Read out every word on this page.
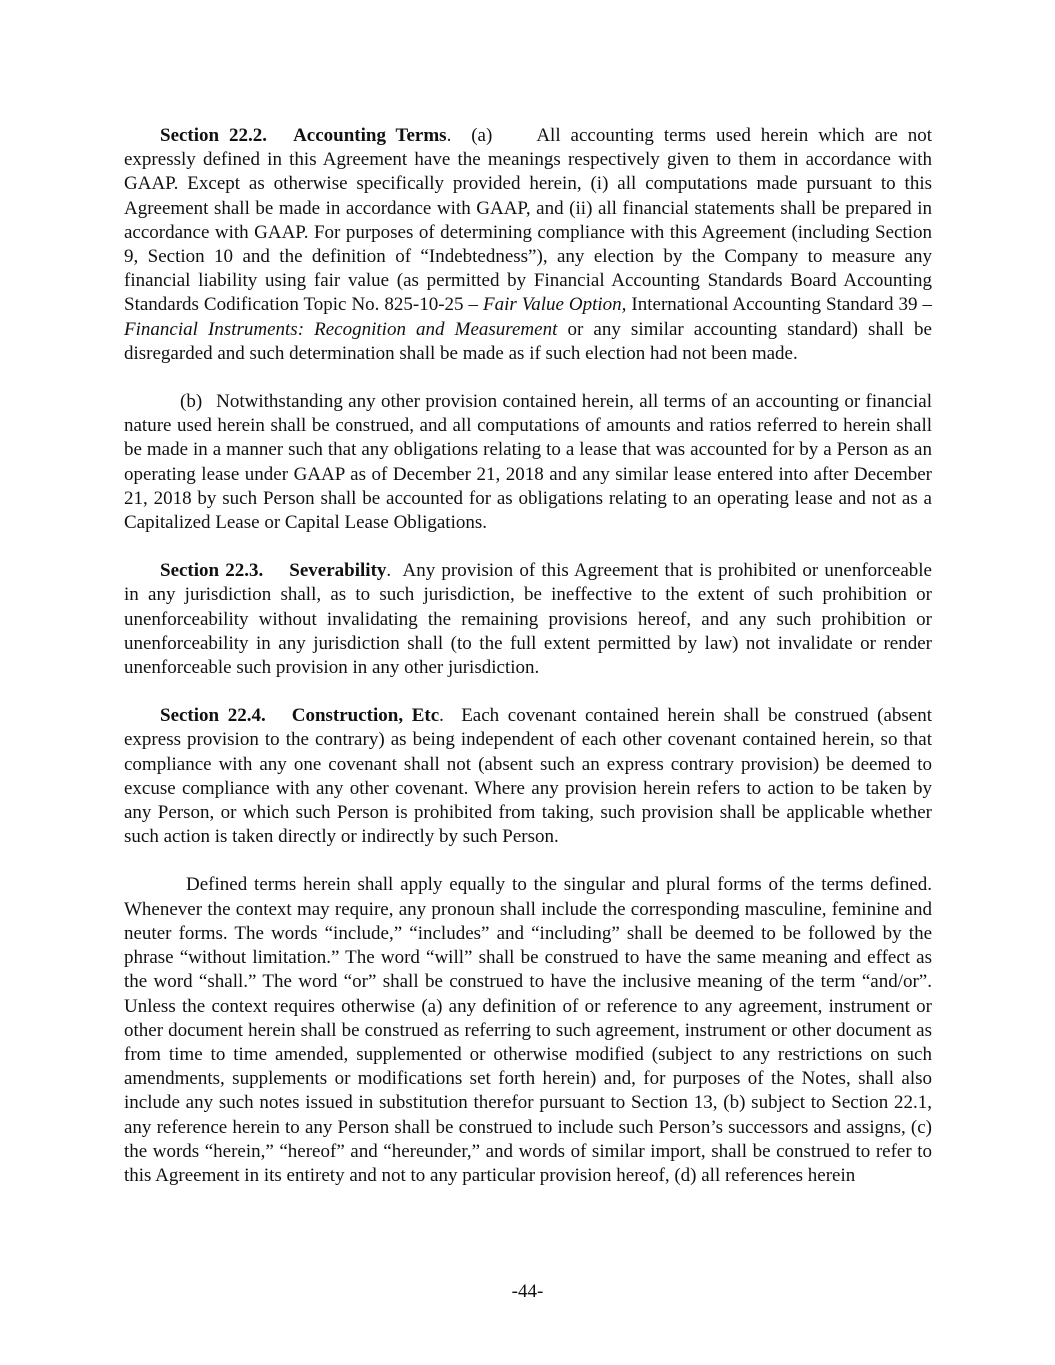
Section 22.2. Accounting Terms. (a) All accounting terms used herein which are not expressly defined in this Agreement have the meanings respectively given to them in accordance with GAAP. Except as otherwise specifically provided herein, (i) all computations made pursuant to this Agreement shall be made in accordance with GAAP, and (ii) all financial statements shall be prepared in accordance with GAAP. For purposes of determining compliance with this Agreement (including Section 9, Section 10 and the definition of “Indebtedness”), any election by the Company to measure any financial liability using fair value (as permitted by Financial Accounting Standards Board Accounting Standards Codification Topic No. 825-10-25 – Fair Value Option, International Accounting Standard 39 – Financial Instruments: Recognition and Measurement or any similar accounting standard) shall be disregarded and such determination shall be made as if such election had not been made.

(b) Notwithstanding any other provision contained herein, all terms of an accounting or financial nature used herein shall be construed, and all computations of amounts and ratios referred to herein shall be made in a manner such that any obligations relating to a lease that was accounted for by a Person as an operating lease under GAAP as of December 21, 2018 and any similar lease entered into after December 21, 2018 by such Person shall be accounted for as obligations relating to an operating lease and not as a Capitalized Lease or Capital Lease Obligations.

Section 22.3. Severability. Any provision of this Agreement that is prohibited or unenforceable in any jurisdiction shall, as to such jurisdiction, be ineffective to the extent of such prohibition or unenforceability without invalidating the remaining provisions hereof, and any such prohibition or unenforceability in any jurisdiction shall (to the full extent permitted by law) not invalidate or render unenforceable such provision in any other jurisdiction.

Section 22.4. Construction, Etc. Each covenant contained herein shall be construed (absent express provision to the contrary) as being independent of each other covenant contained herein, so that compliance with any one covenant shall not (absent such an express contrary provision) be deemed to excuse compliance with any other covenant. Where any provision herein refers to action to be taken by any Person, or which such Person is prohibited from taking, such provision shall be applicable whether such action is taken directly or indirectly by such Person.

Defined terms herein shall apply equally to the singular and plural forms of the terms defined. Whenever the context may require, any pronoun shall include the corresponding masculine, feminine and neuter forms. The words “include,” “includes” and “including” shall be deemed to be followed by the phrase “without limitation.” The word “will” shall be construed to have the same meaning and effect as the word “shall.” The word “or” shall be construed to have the inclusive meaning of the term “and/or”. Unless the context requires otherwise (a) any definition of or reference to any agreement, instrument or other document herein shall be construed as referring to such agreement, instrument or other document as from time to time amended, supplemented or otherwise modified (subject to any restrictions on such amendments, supplements or modifications set forth herein) and, for purposes of the Notes, shall also include any such notes issued in substitution therefor pursuant to Section 13, (b) subject to Section 22.1, any reference herein to any Person shall be construed to include such Person’s successors and assigns, (c) the words “herein,” “hereof” and “hereunder,” and words of similar import, shall be construed to refer to this Agreement in its entirety and not to any particular provision hereof, (d) all references herein

-44-
